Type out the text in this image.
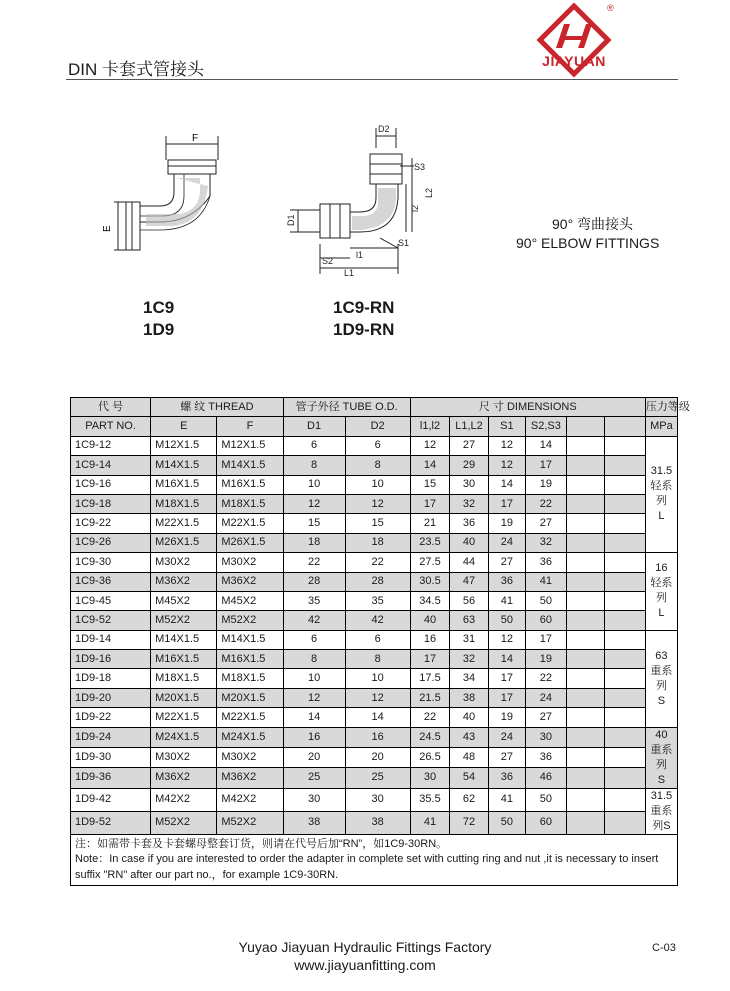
DIN 卡套式管接头
®
JIAYUAN
F
E
D2
S3
L2
l2
D1
S1
S2
l1
L1
1C9
1D9
1C9-RN
1D9-RN
90° 弯曲接头
90° ELBOW FITTINGS
代 号	螺 纹 THREAD		管子外径 TUBE O.D.		尺 寸 DIMENSIONS						压力等级
PART NO.	E	F	D1	D2	l1,l2	L1,L2	S1	S2,S3			MPa
1C9-12	M12X1.5	M12X1.5	6	6	12	27	12	14			31.5
轻系列
L

1C9-14	M14X1.5	M14X1.5	8	8	14	29	12	17			
1C9-16	M16X1.5	M16X1.5	10	10	15	30	14	19			
1C9-18	M18X1.5	M18X1.5	12	12	17	32	17	22			
1C9-22	M22X1.5	M22X1.5	15	15	21	36	19	27			
1C9-26	M26X1.5	M26X1.5	18	18	23.5	40	24	32			
1C9-30	M30X2	M30X2	22	22	27.5	44	27	36			16
轻系列
L

1C9-36	M36X2	M36X2	28	28	30.5	47	36	41			
1C9-45	M45X2	M45X2	35	35	34.5	56	41	50			
1C9-52	M52X2	M52X2	42	42	40	63	50	60			
1D9-14	M14X1.5	M14X1.5	6	6	16	31	12	17			63
重系列
S

1D9-16	M16X1.5	M16X1.5	8	8	17	32	14	19			
1D9-18	M18X1.5	M18X1.5	10	10	17.5	34	17	22			
1D9-20	M20X1.5	M20X1.5	12	12	21.5	38	17	24			
1D9-22	M22X1.5	M22X1.5	14	14	22	40	19	27			
1D9-24	M24X1.5	M24X1.5	16	16	24.5	43	24	30			40
重系列
S

1D9-30	M30X2	M30X2	20	20	26.5	48	27	36			
1D9-36	M36X2	M36X2	25	25	30	54	36	46			
1D9-42	M42X2	M42X2	30	30	35.5	62	41	50			31.5
重系列S

1D9-52	M52X2	M52X2	38	38	41	72	50	60			

注：如需带卡套及卡套螺母整套订货，则请在代号后加“RN”，如1C9-30RN。
Note：In case if you are interested to order the adapter in complete set with cutting ring and nut ,it is necessary to insert suffix "RN" after our part no.，for example 1C9-30RN.											
Yuyao Jiayuan Hydraulic Fittings Factory
www.jiayuanfitting.com
C-03
